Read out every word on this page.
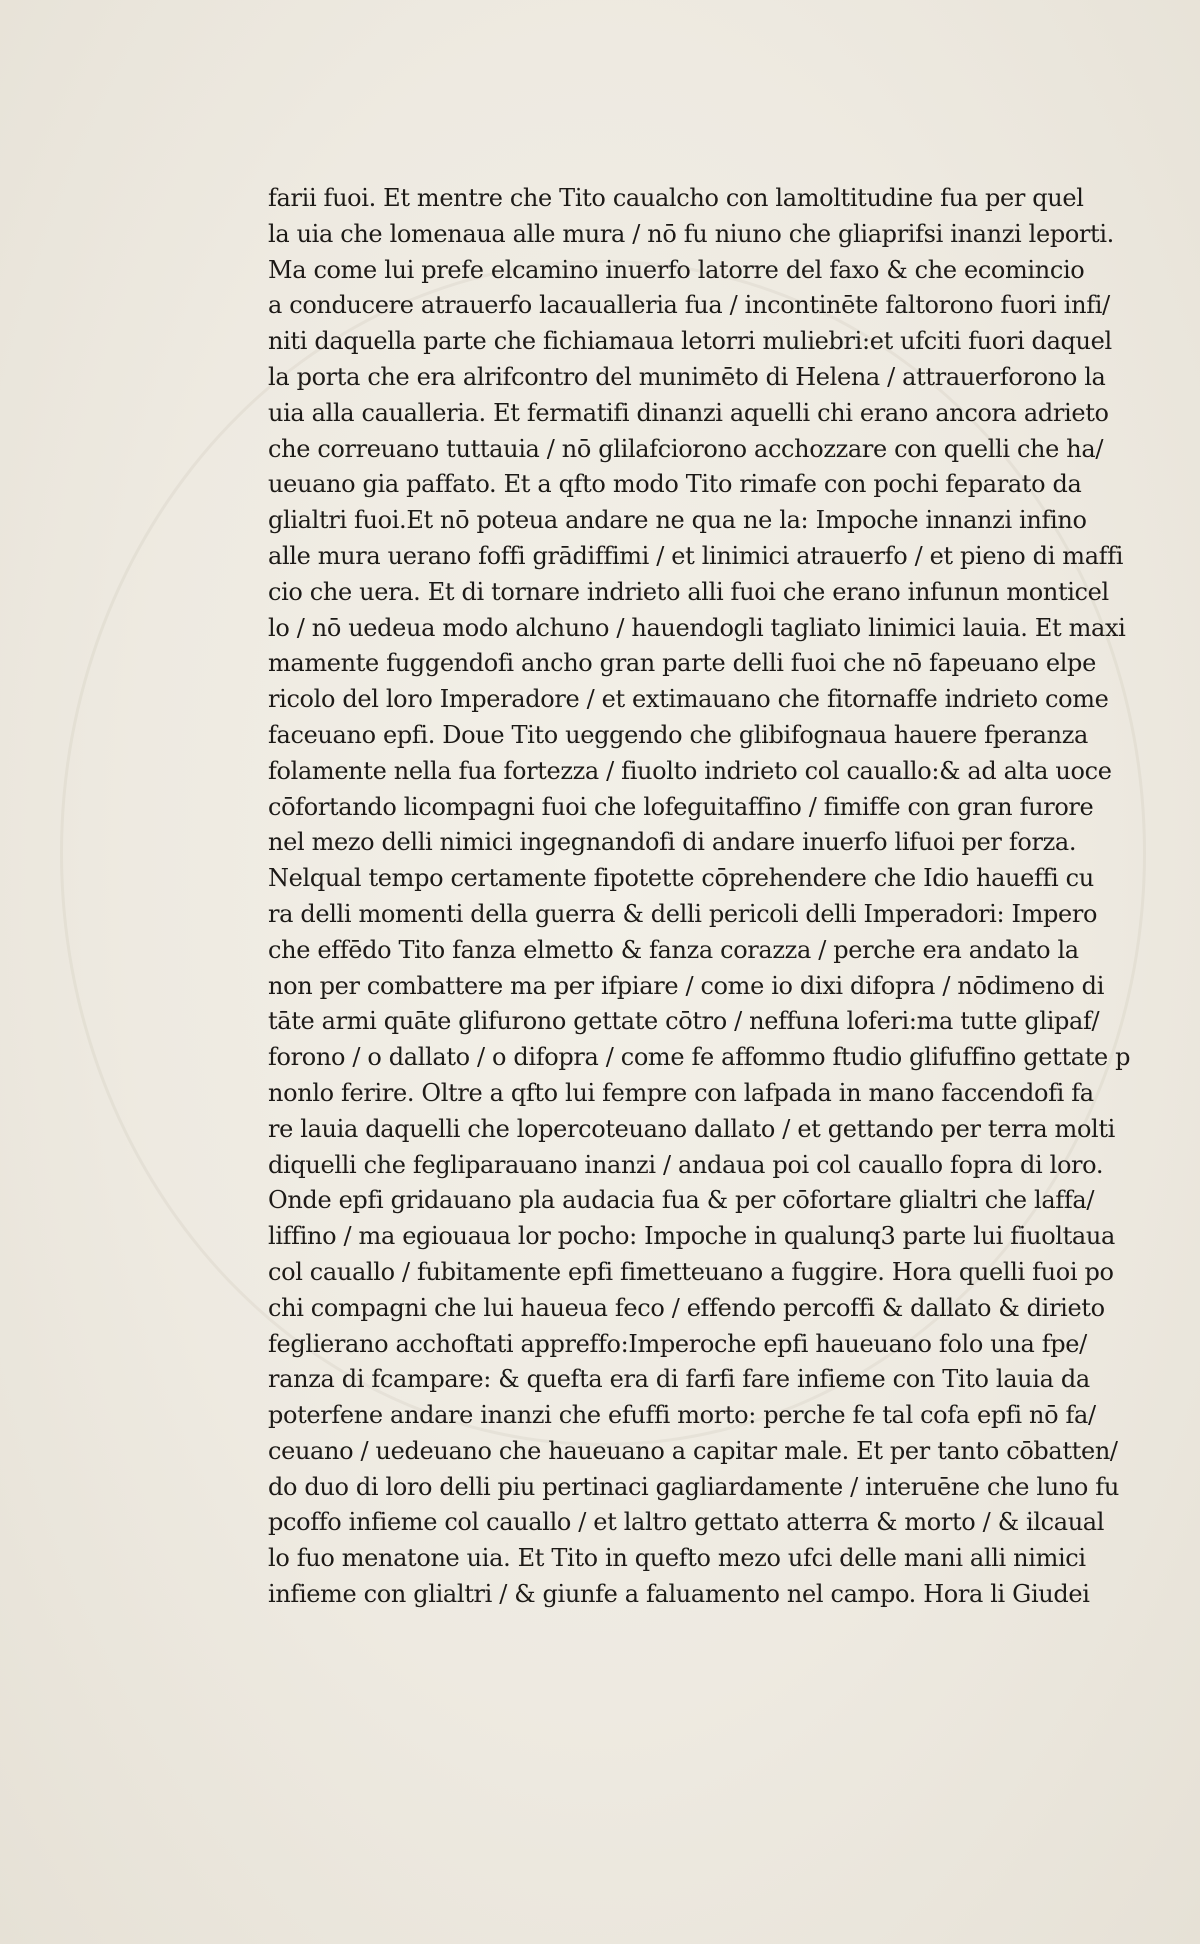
farii fuoi. Et mentre che Tito caualcho con lamoltitudine fua per quel
la uia che lomenaua alle mura / nō fu niuno che gliaprifsi inanzi leporti.
Ma come lui prefe elcamino inuerfo latorre del faxo & che ecomincio
a conducere atrauerfo lacaualleria fua / incontinēte faltorono fuori infi/
niti daquella parte che fichiamaua letorri muliebri:et ufciti fuori daquel
la porta che era alrifcontro del munimēto di Helena / attrauerforono la
uia alla caualleria. Et fermatifi dinanzi aquelli chi erano ancora adrieto
che correuano tuttauia / nō glilafciorono acchozzare con quelli che ha/
ueuano gia paffato. Et a qfto modo Tito rimafe con pochi feparato da
glialtri fuoi.Et nō poteua andare ne qua ne la: Impoche innanzi infino
alle mura uerano foffi grādiffimi / et linimici atrauerfo / et pieno di maffi
cio che uera. Et di tornare indrieto alli fuoi che erano infunun monticel
lo / nō uedeua modo alchuno / hauendogli tagliato linimici lauia. Et maxi
mamente fuggendofi ancho gran parte delli fuoi che nō fapeuano elpe
ricolo del loro Imperadore / et extimauano che fitornaffe indrieto come
faceuano epfi. Doue Tito ueggendo che glibifognaua hauere fperanza
folamente nella fua fortezza / fiuolto indrieto col cauallo:& ad alta uoce
cōfortando licompagni fuoi che lofeguitaffino / fimiffe con gran furore
nel mezo delli nimici ingegnandofi di andare inuerfo lifuoi per forza.
Nelqual tempo certamente fipotette cōprehendere che Idio haueffi cu
ra delli momenti della guerra & delli pericoli delli Imperadori: Impero
che effēdo Tito fanza elmetto & fanza corazza / perche era andato la
non per combattere ma per ifpiare / come io dixi difopra / nōdimeno di
tāte armi quāte glifurono gettate cōtro / neffuna loferi:ma tutte glipaf/
forono / o dallato / o difopra / come fe affommo ftudio glifuffino gettate p
nonlo ferire. Oltre a qfto lui fempre con lafpada in mano faccendofi fa
re lauia daquelli che lopercoteuano dallato / et gettando per terra molti
diquelli che fegliparauano inanzi / andaua poi col cauallo fopra di loro.
Onde epfi gridauano pla audacia fua & per cōfortare glialtri che laffa/
liffino / ma egiouaua lor pocho: Impoche in qualunq3 parte lui fiuoltaua
col cauallo / fubitamente epfi fimetteuano a fuggire. Hora quelli fuoi po
chi compagni che lui haueua feco / effendo percoffi & dallato & dirieto
feglierano acchoftati appreffo:Imperoche epfi haueuano folo una fpe/
ranza di fcampare: & quefta era di farfi fare infieme con Tito lauia da
poterfene andare inanzi che efuffi morto: perche fe tal cofa epfi nō fa/
ceuano / uedeuano che haueuano a capitar male. Et per tanto cōbatten/
do duo di loro delli piu pertinaci gagliardamente / interuēne che luno fu
pcoffo infieme col cauallo / et laltro gettato atterra & morto / & ilcaual
lo fuo menatone uia. Et Tito in quefto mezo ufci delle mani alli nimici
infieme con glialtri / & giunfe a faluamento nel campo. Hora li Giudei
